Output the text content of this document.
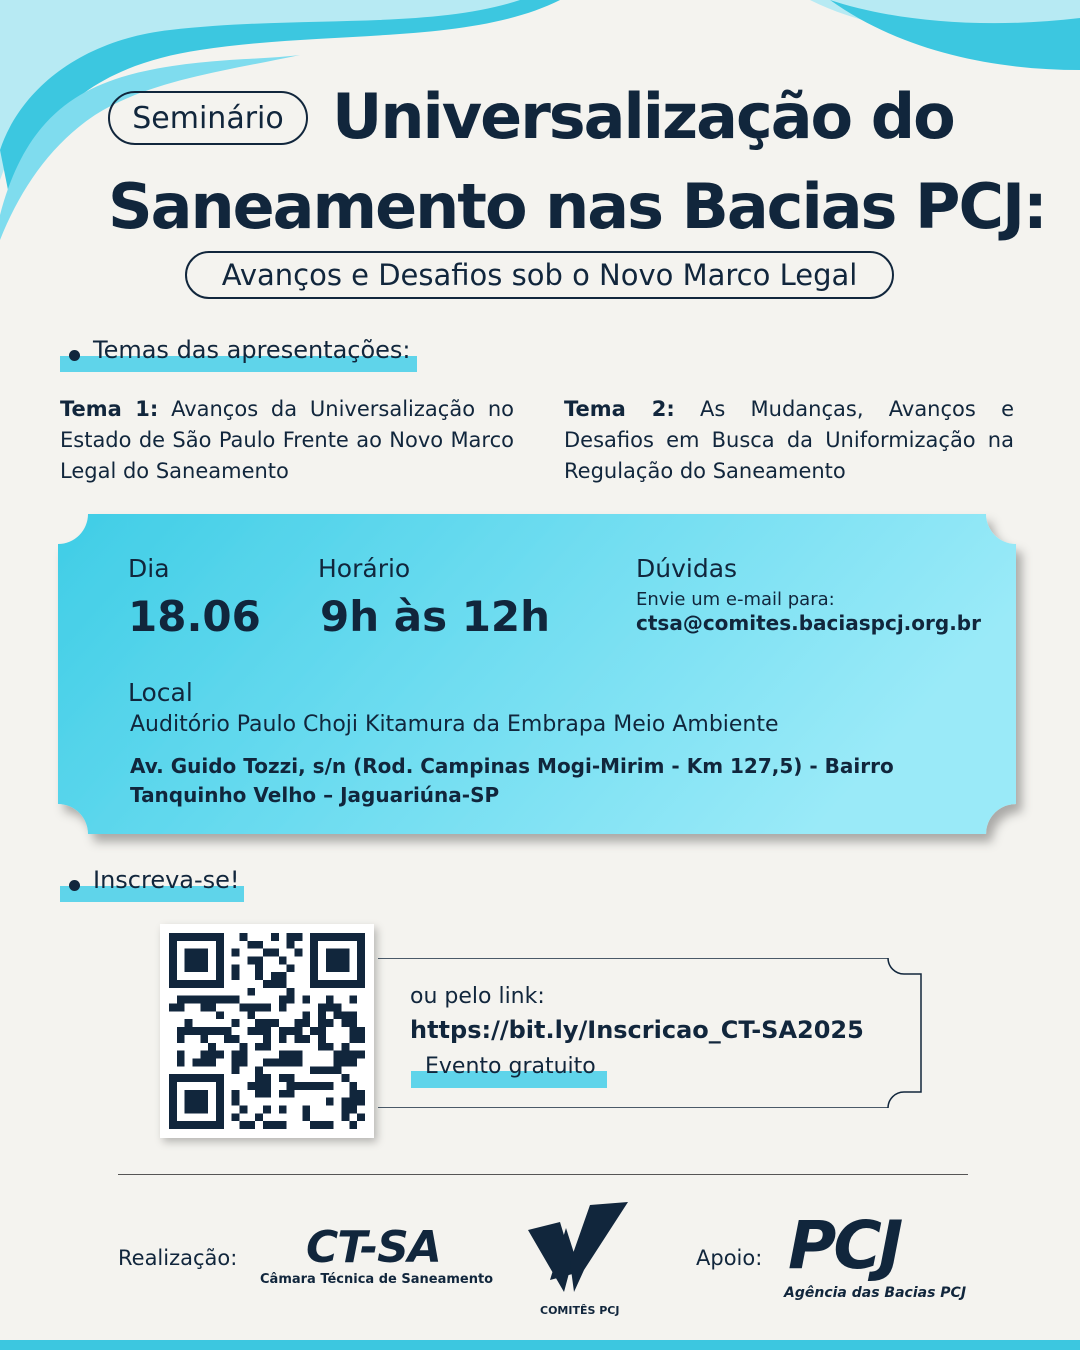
Seminário Universalização do
Saneamento nas Bacias PCJ:
Avanços e Desafios sob o Novo Marco Legal
Temas das apresentações:
Tema 1: Avanços da Universalização no Estado de São Paulo Frente ao Novo Marco Legal do Saneamento
Tema 2: As Mudanças, Avanços e Desafios em Busca da Uniformização na Regulação do Saneamento
Dia
18.06
Horário
9h às 12h
Dúvidas
Envie um e-mail para:
ctsa@comites.baciaspcj.org.br
Local
Auditório Paulo Choji Kitamura da Embrapa Meio Ambiente
Av. Guido Tozzi, s/n (Rod. Campinas Mogi-Mirim - Km 127,5) - Bairro Tanquinho Velho – Jaguariúna-SP
Inscreva-se!
ou pelo link:
https://bit.ly/Inscricao_CT-SA2025
Evento gratuito
Realização: CT-SA
Câmara Técnica de Saneamento
COMITÊS PCJ
Apoio: PCJ
Agência das Bacias PCJ
